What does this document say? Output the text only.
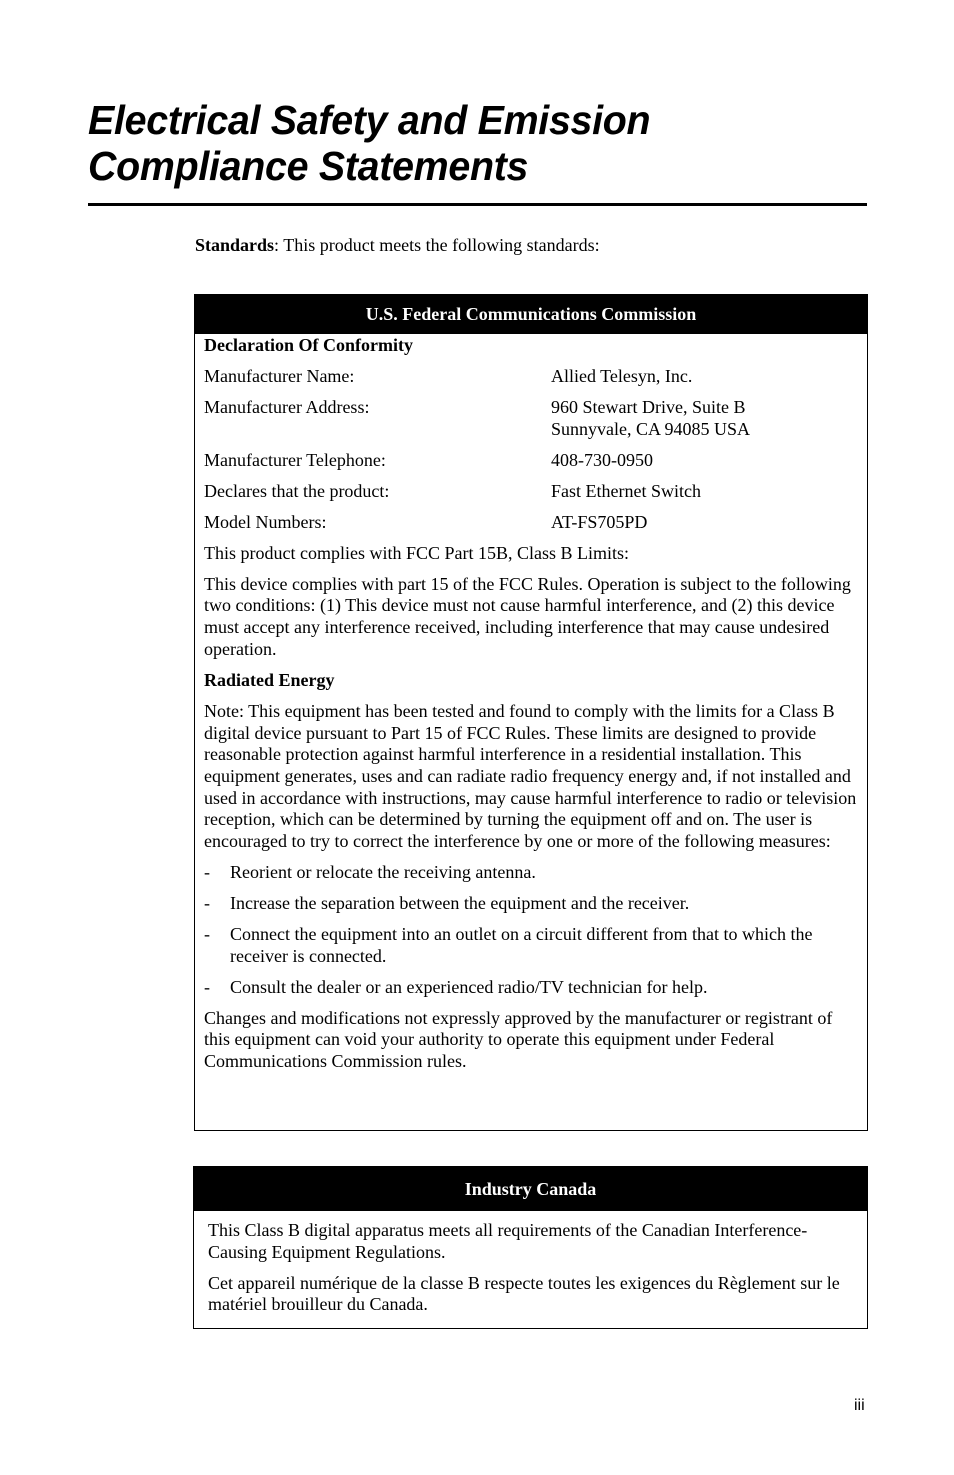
Electrical Safety and Emission Compliance Statements

Standards: This product meets the following standards:

U.S. Federal Communications Commission
Declaration Of Conformity
Manufacturer Name:	Allied Telesyn, Inc.
Manufacturer Address:	960 Stewart Drive, Suite B
Sunnyvale, CA 94085 USA
Manufacturer Telephone:	408-730-0950
Declares that the product:	Fast Ethernet Switch
Model Numbers:	AT-FS705PD
This product complies with FCC Part 15B, Class B Limits:
This device complies with part 15 of the FCC Rules. Operation is subject to the following two conditions: (1) This device must not cause harmful interference, and (2) this device must accept any interference received, including interference that may cause undesired operation.
Radiated Energy
Note: This equipment has been tested and found to comply with the limits for a Class B digital device pursuant to Part 15 of FCC Rules. These limits are designed to provide reasonable protection against harmful interference in a residential installation. This equipment generates, uses and can radiate radio frequency energy and, if not installed and used in accordance with instructions, may cause harmful interference to radio or television reception, which can be determined by turning the equipment off and on. The user is encouraged to try to correct the interference by one or more of the following measures:
-	Reorient or relocate the receiving antenna.
-	Increase the separation between the equipment and the receiver.
-	Connect the equipment into an outlet on a circuit different from that to which the receiver is connected.
-	Consult the dealer or an experienced radio/TV technician for help.
Changes and modifications not expressly approved by the manufacturer or registrant of this equipment can void your authority to operate this equipment under Federal Communications Commission rules.
Industry Canada
This Class B digital apparatus meets all requirements of the Canadian Interference-Causing Equipment Regulations.
Cet appareil numérique de la classe B respecte toutes les exigences du Règlement sur le matériel brouilleur du Canada.
iii
